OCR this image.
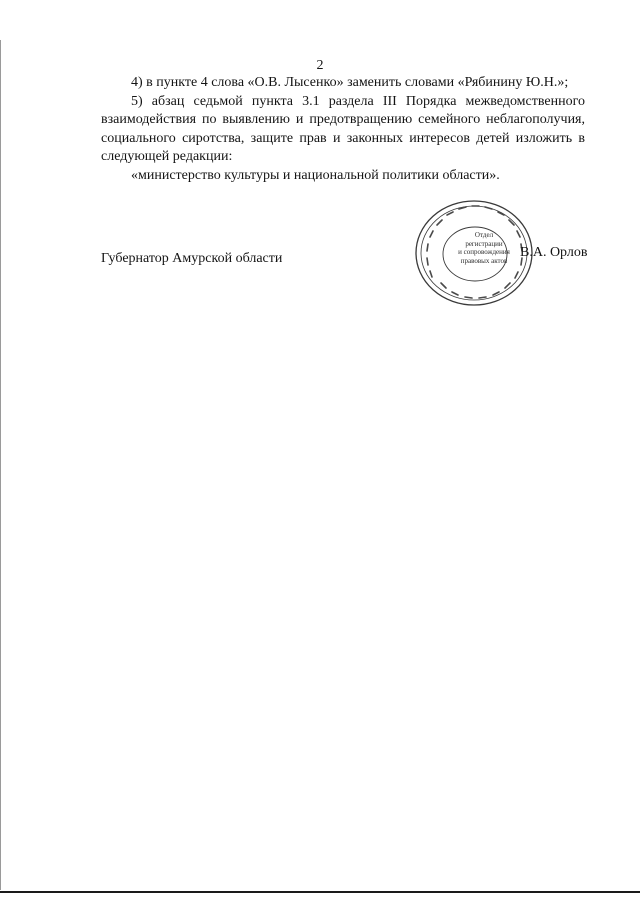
2

4) в пункте 4 слова «О.В. Лысенко» заменить словами «Рябинину Ю.Н.»;

5) абзац седьмой пункта 3.1 раздела III Порядка межведомственного взаимодействия по выявлению и предотвращению семейного неблагополучия, социального сиротства, защите прав и законных интересов детей изложить в

следующей редакции:

«министерство культуры и национальной политики области».

Отдел
регистрации
и сопровождения
правовых актов
Губернатор Амурской области	В.А. Орлов
